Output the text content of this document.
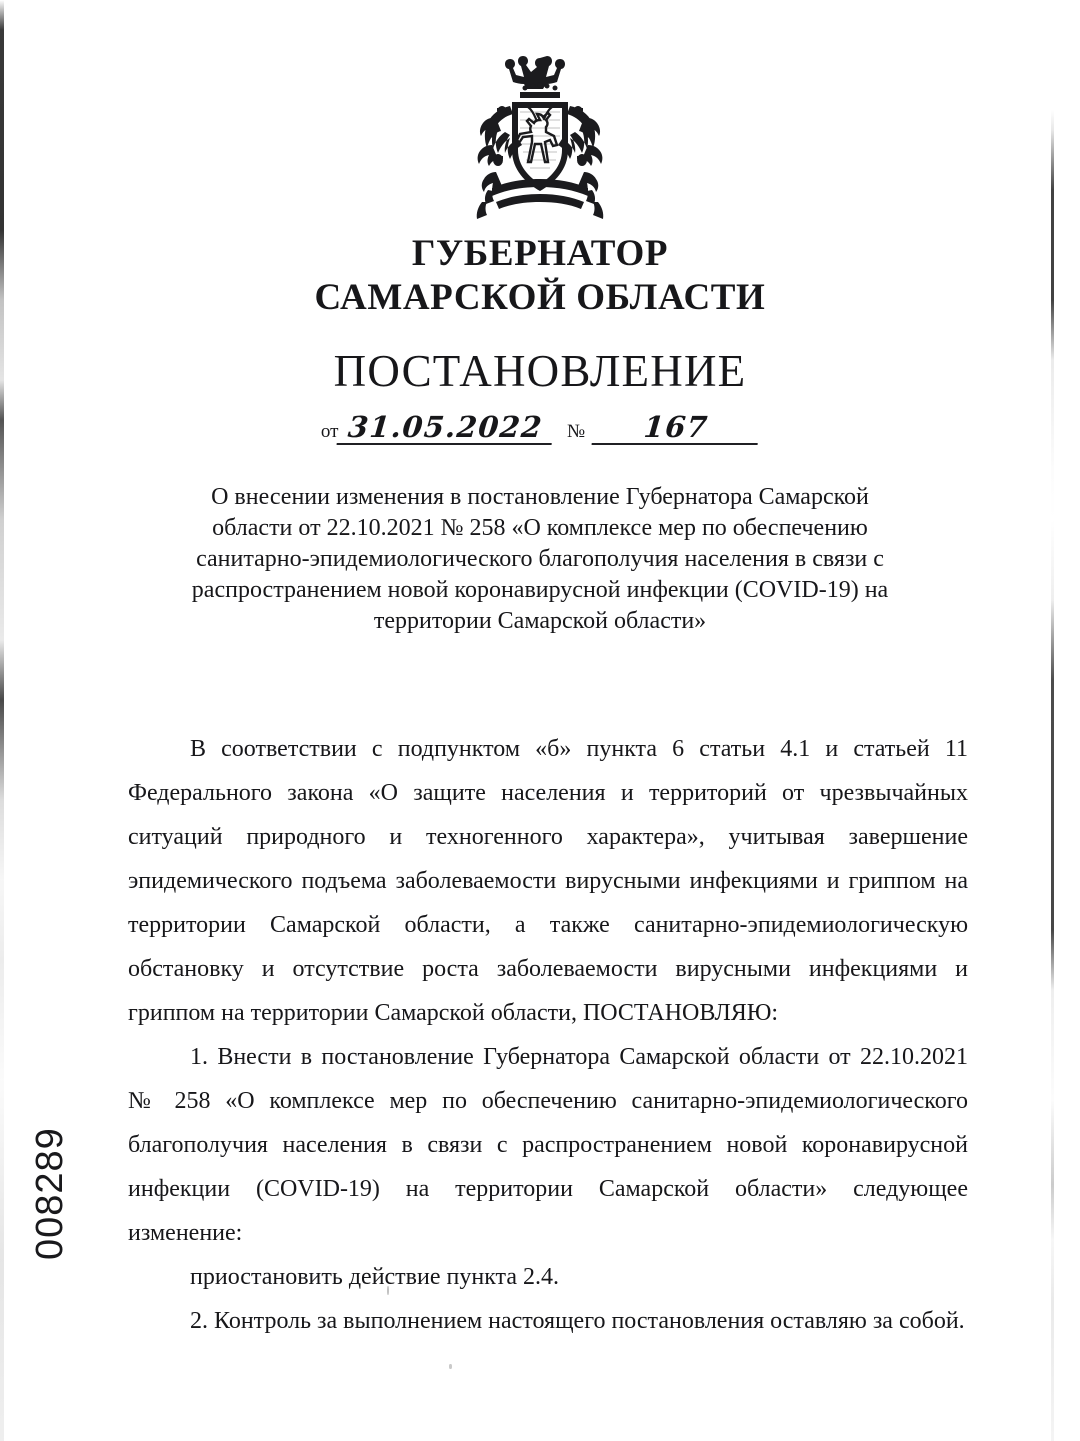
ГУБЕРНАТОР
САМАРСКОЙ ОБЛАСТИ
ПОСТАНОВЛЕНИЕ
от 31.05.2022	№	167
О внесении изменения в постановление Губернатора Самарской области от 22.10.2021 № 258 «О комплексе мер по обеспечению санитарно-эпидемиологического благополучия населения в связи с распространением новой коронавирусной инфекции (COVID-19) на территории Самарской области»

В соответствии с подпунктом «б» пункта 6 статьи 4.1 и статьей 11 Федерального закона «О защите населения и территорий от чрезвычайных ситуаций природного и техногенного характера», учитывая завершение эпидемического подъема заболеваемости вирусными инфекциями и гриппом на территории Самарской области, а также санитарно-эпидемиологическую обстановку и отсутствие роста заболеваемости вирусными инфекциями и гриппом на территории Самарской области, ПОСТАНОВЛЯЮ:

1. Внести в постановление Губернатора Самарской области от 22.10.2021 № 258 «О комплексе мер по обеспечению санитарно-эпидемиологического благополучия населения в связи с распространением новой коронавирусной инфекции (COVID-19) на территории Самарской области» следующее изменение:

приостановить действие пункта 2.4.

2. Контроль за выполнением настоящего постановления оставляю за собой.

008289
